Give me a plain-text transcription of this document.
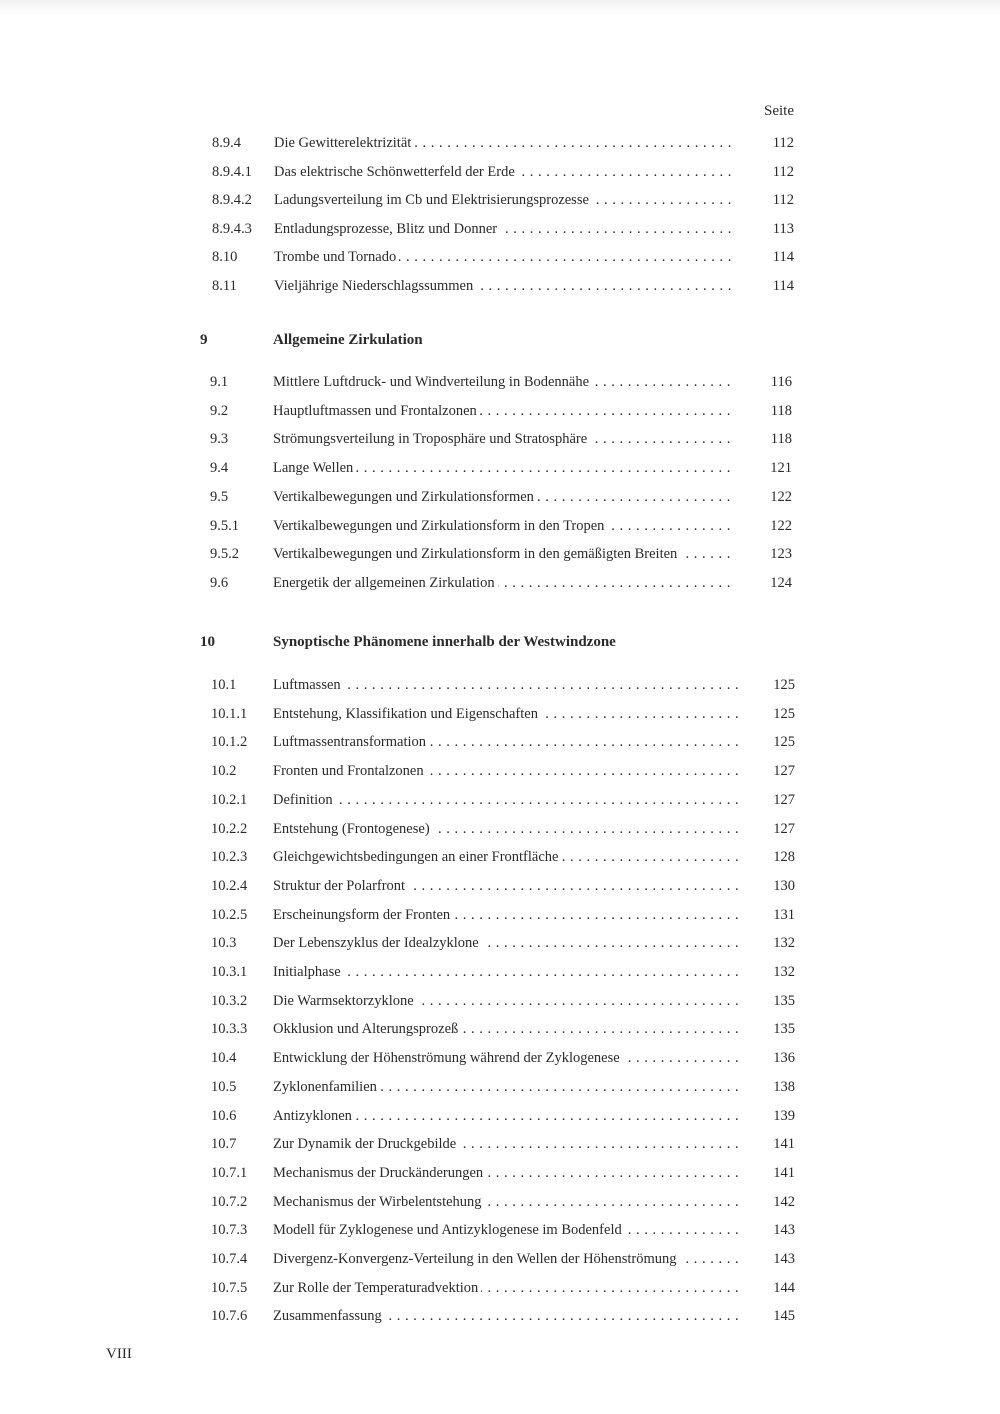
Seite
8.9.4 Die Gewitterelektrizität . . .	112
8.9.4.1 Das elektrische Schönwetterfeld der Erde . . .	112
8.9.4.2 Ladungsverteilung im Cb und Elektrisierungsprozesse . . .	112
8.9.4.3 Entladungsprozesse, Blitz und Donner . . .	113
8.10	Trombe und Tornado . . .	114
8.11	Vieljährige Niederschlagssummen . . .	114
9	Allgemeine Zirkulation
9.1	Mittlere Luftdruck- und Windverteilung in Bodennähe . . .	116
9.2	Hauptluftmassen und Frontalzonen . . .	118
9.3	Strömungsverteilung in Troposphäre und Stratosphäre . . .	118
9.4	Lange Wellen . . .	121
9.5	Vertikalbewegungen und Zirkulationsformen . . .	122
9.5.1 Vertikalbewegungen und Zirkulationsform in den Tropen . . .	122
9.5.2 Vertikalbewegungen und Zirkulationsform in den gemäßigten Breiten . . .	123
9.6	Energetik der allgemeinen Zirkulation . . .	124
10	Synoptische Phänomene innerhalb der Westwindzone
10.1	Luftmassen . . .	125
10.1.1 Entstehung, Klassifikation und Eigenschaften . . .	125
10.1.2 Luftmassentransformation . . .	125
10.2	Fronten und Frontalzonen . . .	127
10.2.1 Definition . . .	127
10.2.2 Entstehung (Frontogenese) . . .	127
10.2.3 Gleichgewichtsbedingungen an einer Frontfläche . . .	128
10.2.4 Struktur der Polarfront . . .	130
10.2.5 Erscheinungsform der Fronten . . .	131
10.3	Der Lebenszyklus der Idealzyklone . . .	132
10.3.1 Initialphase . . .	132
10.3.2 Die Warmsektorzyklone . . .	135
10.3.3 Okklusion und Alterungsprozeß . . .	135
10.4	Entwicklung der Höhenströmung während der Zyklogenese . . .	136
10.5	Zyklonenfamilien . . .	138
10.6	Antizyklonen . . .	139
10.7	Zur Dynamik der Druckgebilde . . .	141
10.7.1 Mechanismus der Druckänderungen . . .	141
10.7.2 Mechanismus der Wirbelentstehung . . .	142
10.7.3 Modell für Zyklogenese und Antizyklogenese im Bodenfeld . . .	143
10.7.4 Divergenz-Konvergenz-Verteilung in den Wellen der Höhenströmung . . .	143
10.7.5 Zur Rolle der Temperaturadvektion . . .	144
10.7.6 Zusammenfassung . . .	145
VIII
